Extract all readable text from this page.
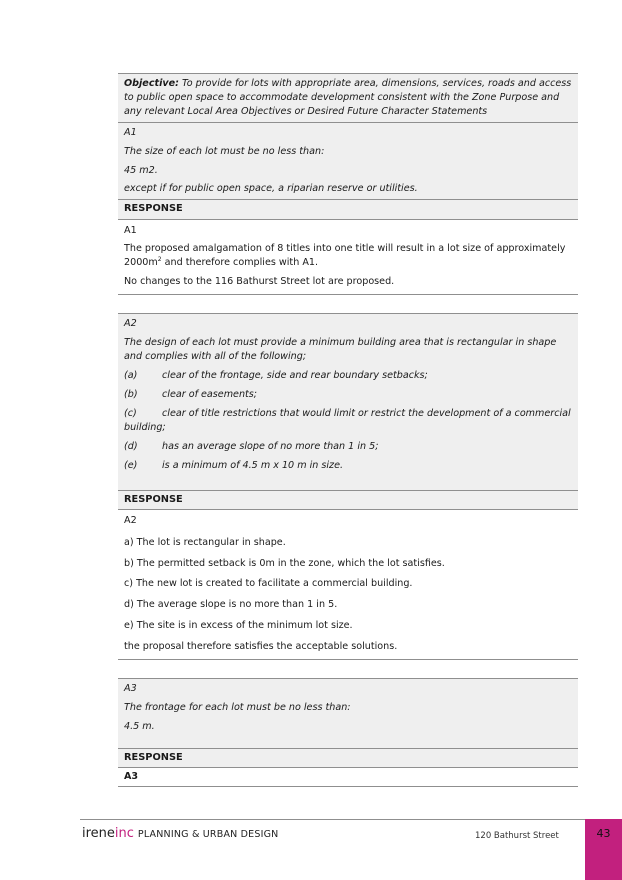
Objective: To provide for lots with appropriate area, dimensions, services, roads and access to public open space to accommodate development consistent with the Zone Purpose and any relevant Local Area Objectives or Desired Future Character Statements
A1
The size of each lot must be no less than:
45 m2.
except if for public open space, a riparian reserve or utilities.
RESPONSE
A1
The proposed amalgamation of 8 titles into one title will result in a lot size of approximately $2000m^2$ and therefore complies with A1.
No changes to the 116 Bathurst Street lot are proposed.
A2
The design of each lot must provide a minimum building area that is rectangular in shape and complies with all of the following;
(a)	clear of the frontage, side and rear boundary setbacks;
(b)	clear of easements;
(c)	clear of title restrictions that would limit or restrict the development of a commercial building;
(d)	has an average slope of no more than 1 in 5;
(e)	is a minimum of 4.5 m x 10 m in size.
RESPONSE
A2
a) The lot is rectangular in shape.
b) The permitted setback is 0m in the zone, which the lot satisfies.
c) The new lot is created to facilitate a commercial building.
d) The average slope is no more than 1 in 5.
e) The site is in excess of the minimum lot size.
the proposal therefore satisfies the acceptable solutions.
A3
The frontage for each lot must be no less than:
4.5 m.
RESPONSE
A3
ireneinc PLANNING & URBAN DESIGN	120 Bathurst Street	43
